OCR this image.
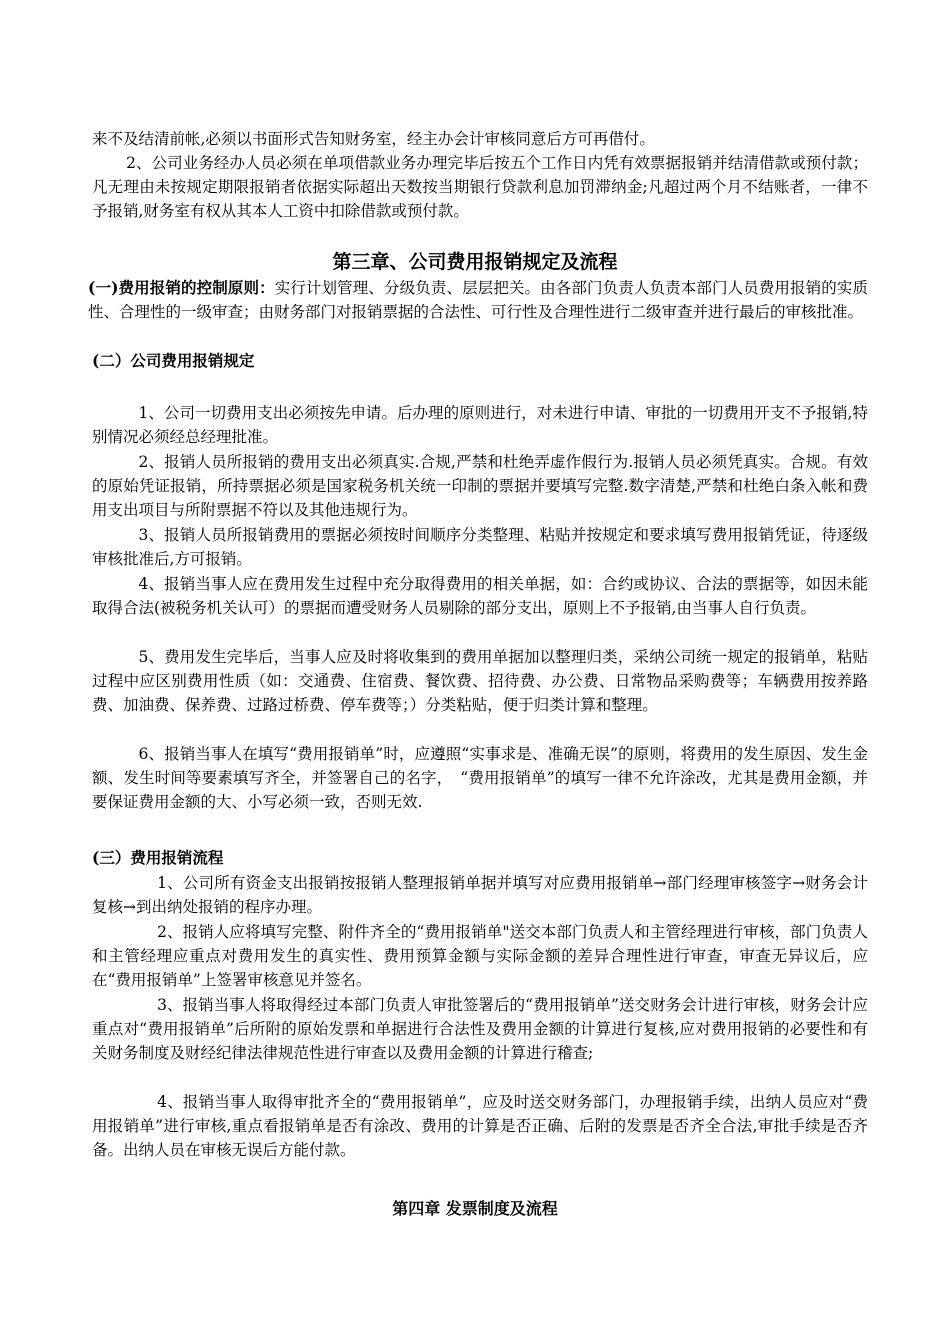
来不及结清前帐,必须以书面形式告知财务室，经主办会计审核同意后方可再借付。

2、公司业务经办人员必须在单项借款业务办理完毕后按五个工作日内凭有效票据报销并结清借款或预付款；凡无理由未按规定期限报销者依据实际超出天数按当期银行贷款利息加罚滞纳金;凡超过两个月不结账者，一律不予报销,财务室有权从其本人工资中扣除借款或预付款。

第三章、公司费用报销规定及流程

(一)费用报销的控制原则：实行计划管理、分级负责、层层把关。由各部门负责人负责本部门人员费用报销的实质性、合理性的一级审查；由财务部门对报销票据的合法性、可行性及合理性进行二级审查并进行最后的审核批准。

(二）公司费用报销规定

1、公司一切费用支出必须按先申请。后办理的原则进行，对未进行申请、审批的一切费用开支不予报销,特别情况必须经总经理批准。

2、报销人员所报销的费用支出必须真实.合规,严禁和杜绝弄虚作假行为.报销人员必须凭真实。合规。有效的原始凭证报销，所持票据必须是国家税务机关统一印制的票据并要填写完整.数字清楚,严禁和杜绝白条入帐和费用支出项目与所附票据不符以及其他违规行为。

3、报销人员所报销费用的票据必须按时间顺序分类整理、粘贴并按规定和要求填写费用报销凭证，待逐级审核批准后,方可报销。

4、报销当事人应在费用发生过程中充分取得费用的相关单据，如：合约或协议、合法的票据等，如因未能取得合法(被税务机关认可）的票据而遭受财务人员剔除的部分支出，原则上不予报销,由当事人自行负责。

5、费用发生完毕后，当事人应及时将收集到的费用单据加以整理归类，采纳公司统一规定的报销单，粘贴过程中应区别费用性质（如：交通费、住宿费、餐饮费、招待费、办公费、日常物品采购费等；车辆费用按养路费、加油费、保养费、过路过桥费、停车费等；）分类粘贴，便于归类计算和整理。

6、报销当事人在填写“费用报销单”时，应遵照“实事求是、准确无误”的原则，将费用的发生原因、发生金额、发生时间等要素填写齐全，并签署自己的名字，　“费用报销单”的填写一律不允许涂改，尤其是费用金额，并要保证费用金额的大、小写必须一致，否则无效.

(三）费用报销流程

1、公司所有资金支出报销按报销人整理报销单据并填写对应费用报销单→部门经理审核签字→财务会计复核→到出纳处报销的程序办理。

2、报销人应将填写完整、附件齐全的“费用报销单"送交本部门负责人和主管经理进行审核，部门负责人和主管经理应重点对费用发生的真实性、费用预算金额与实际金额的差异合理性进行审查，审查无异议后，应在“费用报销单”上签署审核意见并签名。

3、报销当事人将取得经过本部门负责人审批签署后的“费用报销单”送交财务会计进行审核，财务会计应重点对“费用报销单”后所附的原始发票和单据进行合法性及费用金额的计算进行复核,应对费用报销的必要性和有关财务制度及财经纪律法律规范性进行审查以及费用金额的计算进行稽查;

4、报销当事人取得审批齐全的“费用报销单”，应及时送交财务部门，办理报销手续，出纳人员应对“费用报销单”进行审核,重点看报销单是否有涂改、费用的计算是否正确、后附的发票是否齐全合法,审批手续是否齐备。出纳人员在审核无误后方能付款。

第四章 发票制度及流程
